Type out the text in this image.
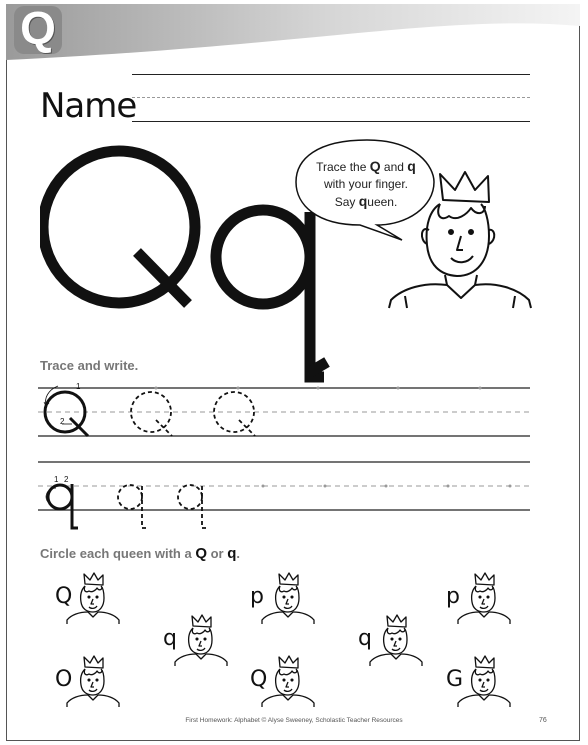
Q
Name
Trace the Q and q
with your finger.
Say queen.
Trace and write.
1
2
1 2
Circle each queen with a Q or q.
Q	p	p
q	q
O	Q	G
First Homework: Alphabet © Alyse Sweeney, Scholastic Teacher Resources	76
